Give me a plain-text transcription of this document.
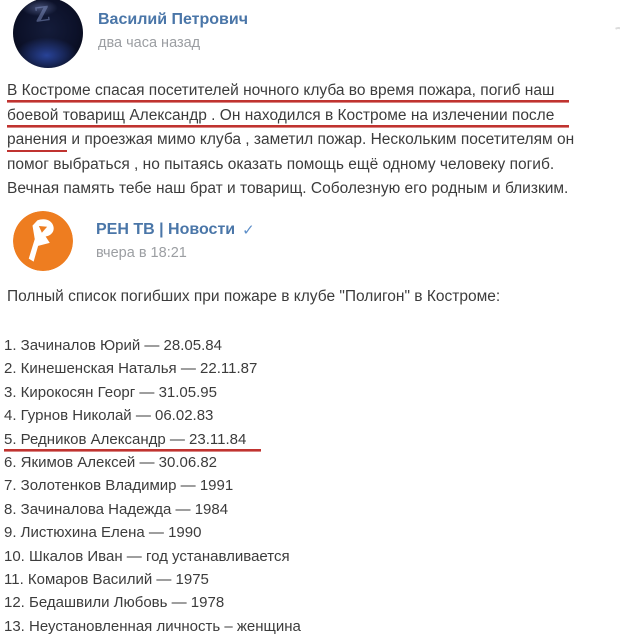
Z	Василий Петрович
два часа назад
В Костроме спасая посетителей ночного клуба во время пожара, погиб наш
боевой товарищ Александр . Он находился в Костроме на излечении после
ранения и проезжая мимо клуба , заметил пожар. Нескольким посетителям он
помог выбраться , но пытаясь оказать помощь ещё одному человеку погиб.
Вечная память тебе наш брат и товарищ. Соболезную его родным и близким.
РЕН ТВ | Новости ✓
вчера в 18:21
Полный список погибших при пожаре в клубе "Полигон" в Костроме:
1. Зачиналов Юрий — 28.05.84
2. Кинешенская Наталья — 22.11.87
3. Кирокосян Георг — 31.05.95
4. Гурнов Николай — 06.02.83
5. Редников Александр — 23.11.84
6. Якимов Алексей — 30.06.82
7. Золотенков Владимир — 1991
8. Зачиналова Надежда — 1984
9. Листюхина Елена — 1990
10. Шкалов Иван — год устанавливается
11. Комаров Василий — 1975
12. Бедашвили Любовь — 1978
13. Неустановленная личность – женщина
